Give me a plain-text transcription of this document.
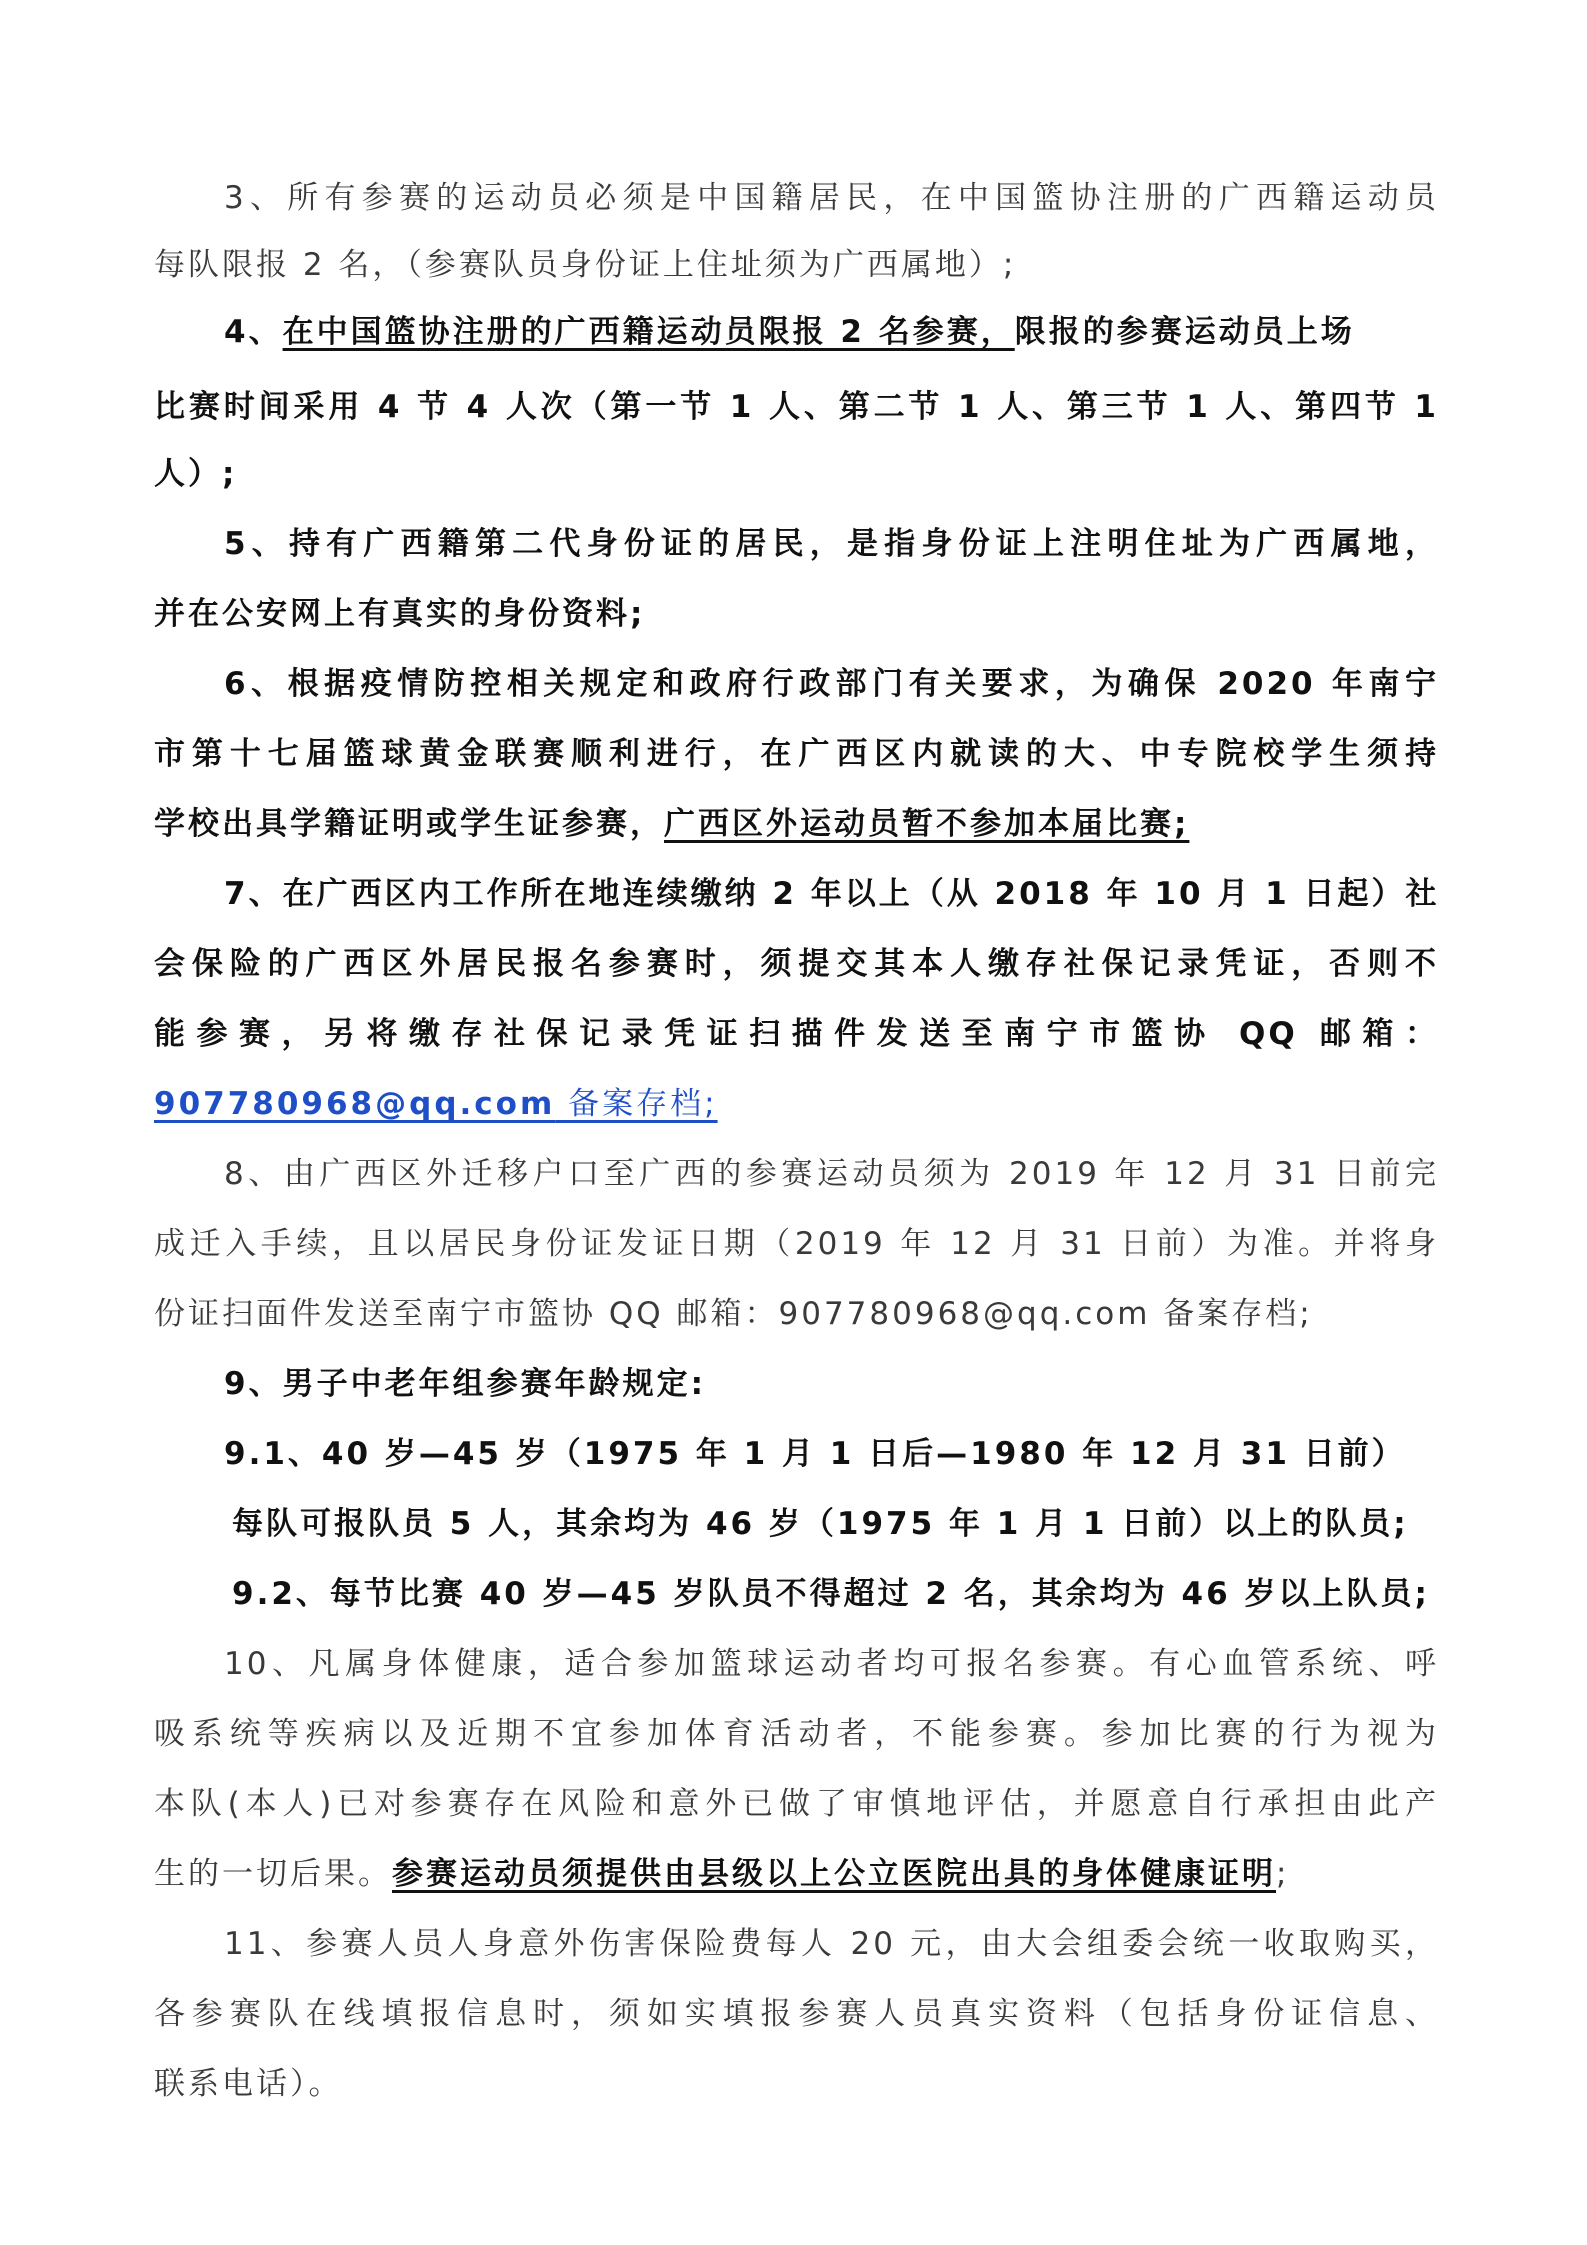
3、所有参赛的运动员必须是中国籍居民，在中国篮协注册的广西籍运动员
每队限报 2 名，（参赛队员身份证上住址须为广西属地）;
4、在中国篮协注册的广西籍运动员限报 2 名参赛，限报的参赛运动员上场
比赛时间采用 4 节 4 人次（第一节 1 人、第二节 1 人、第三节 1 人、第四节 1
人）;
5、持有广西籍第二代身份证的居民，是指身份证上注明住址为广西属地，
并在公安网上有真实的身份资料;
6、根据疫情防控相关规定和政府行政部门有关要求，为确保 2020 年南宁
市第十七届篮球黄金联赛顺利进行，在广西区内就读的大、中专院校学生须持
学校出具学籍证明或学生证参赛，广西区外运动员暂不参加本届比赛;
7、在广西区内工作所在地连续缴纳 2 年以上（从 2018 年 10 月 1 日起）社
会保险的广西区外居民报名参赛时，须提交其本人缴存社保记录凭证，否则不
能参赛，另将缴存社保记录凭证扫描件发送至南宁市篮协 QQ 邮箱：
907780968@qq.com 备案存档;
8、由广西区外迁移户口至广西的参赛运动员须为 2019 年 12 月 31 日前完
成迁入手续，且以居民身份证发证日期（2019 年 12 月 31 日前）为准。并将身
份证扫面件发送至南宁市篮协 QQ 邮箱：907780968@qq.com 备案存档;
9、男子中老年组参赛年龄规定:
9.1、40 岁—45 岁（1975 年 1 月 1 日后—1980 年 12 月 31 日前）
每队可报队员 5 人，其余均为 46 岁（1975 年 1 月 1 日前）以上的队员;
9.2、每节比赛 40 岁—45 岁队员不得超过 2 名，其余均为 46 岁以上队员;
10、凡属身体健康，适合参加篮球运动者均可报名参赛。有心血管系统、呼
吸系统等疾病以及近期不宜参加体育活动者，不能参赛。参加比赛的行为视为
本队(本人)已对参赛存在风险和意外已做了审慎地评估，并愿意自行承担由此产
生的一切后果。参赛运动员须提供由县级以上公立医院出具的身体健康证明;
11、参赛人员人身意外伤害保险费每人 20 元，由大会组委会统一收取购买，
各参赛队在线填报信息时，须如实填报参赛人员真实资料（包括身份证信息、
联系电话）。
